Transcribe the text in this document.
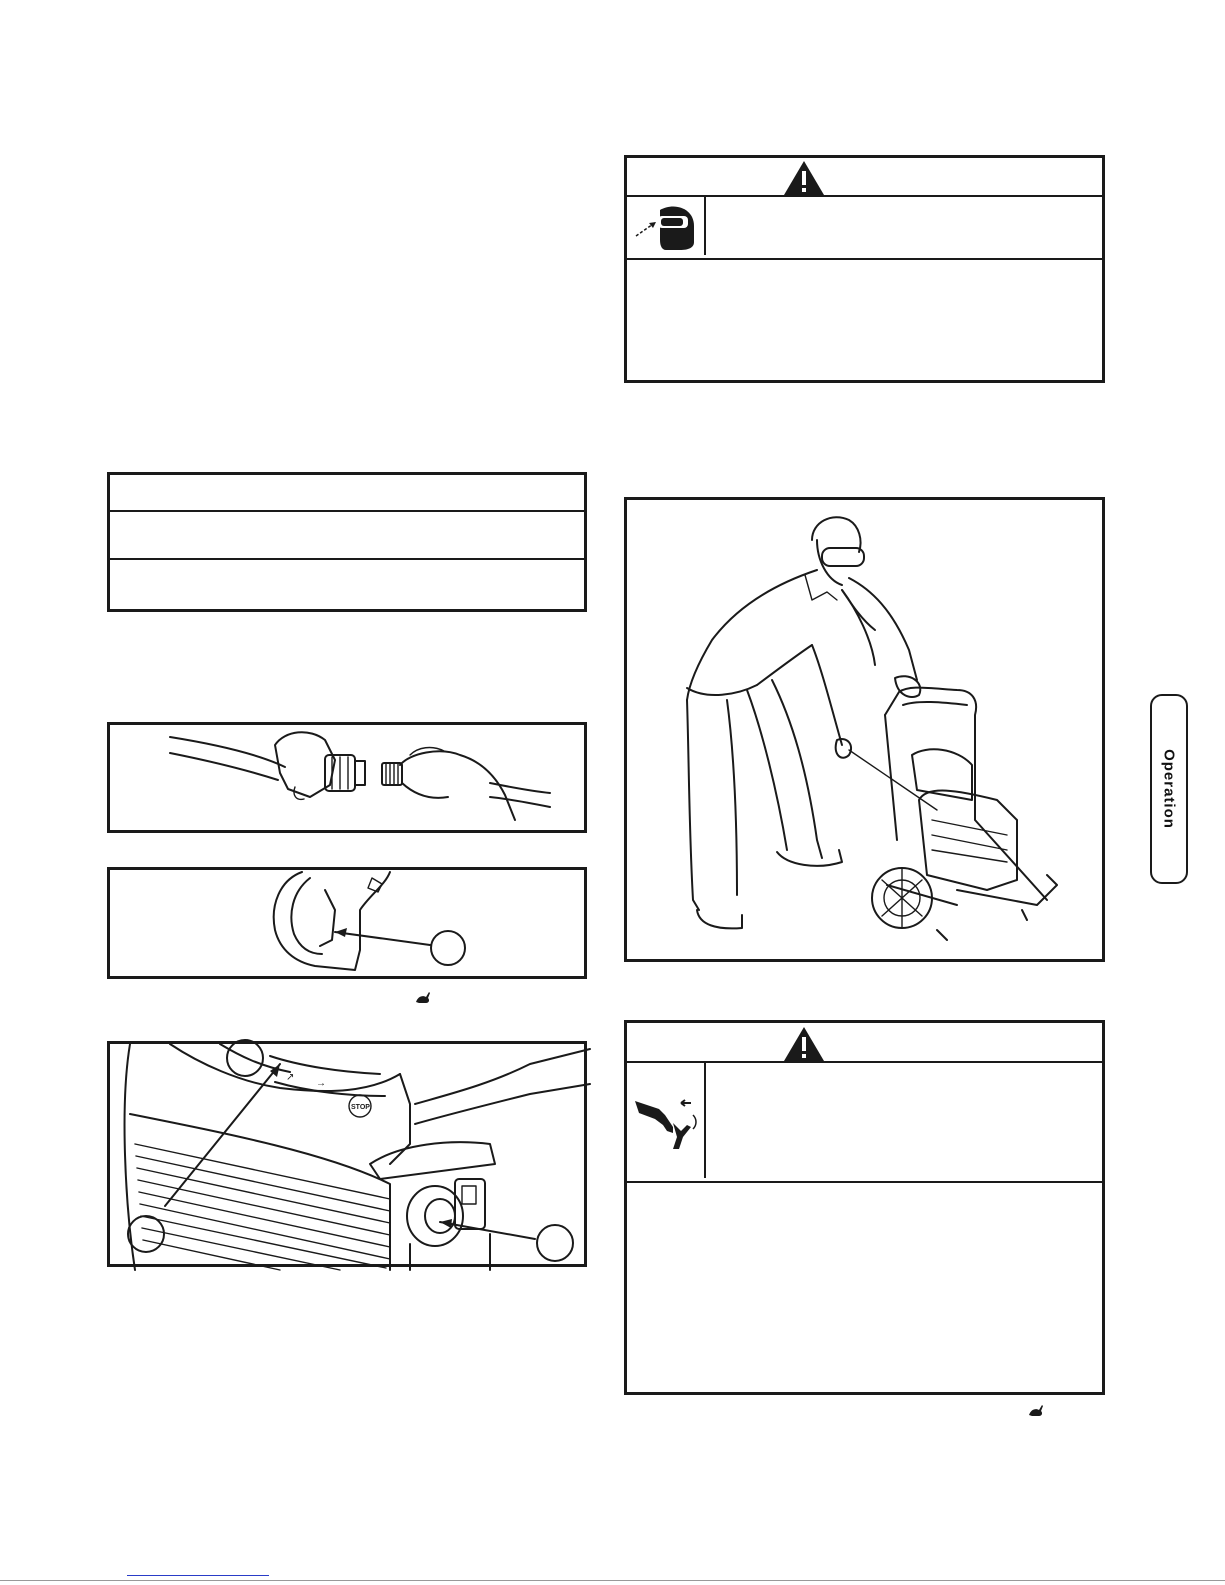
↗
→
STOP
Operation
